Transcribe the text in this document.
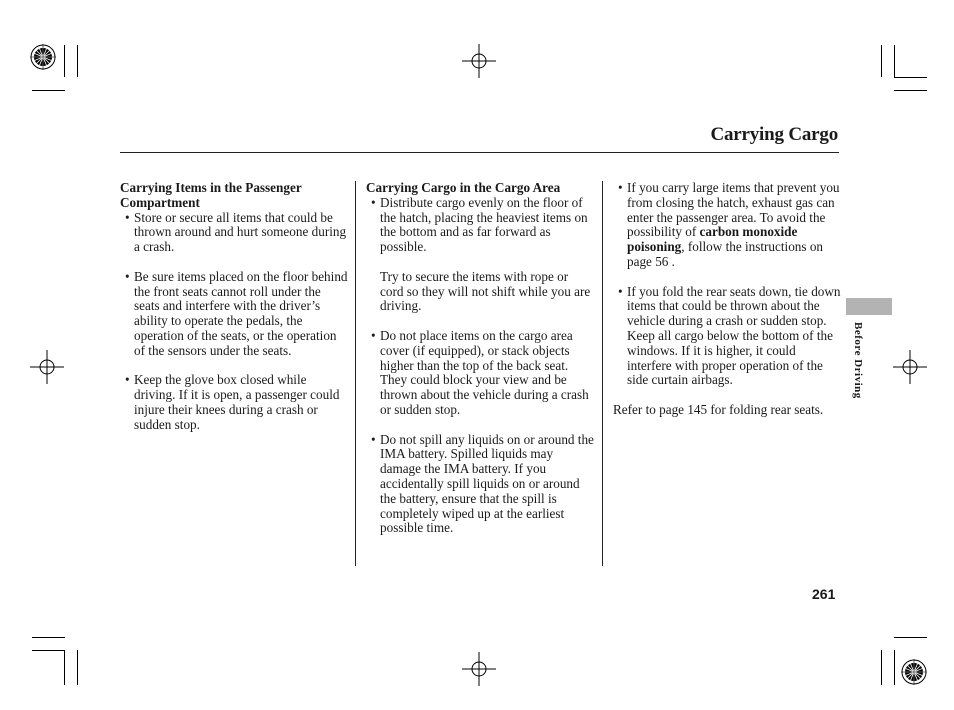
Carrying Cargo
Carrying Items in the Passenger Compartment
• Store or secure all items that could be thrown around and hurt someone during a crash.
• Be sure items placed on the floor behind the front seats cannot roll under the seats and interfere with the driver’s ability to operate the pedals, the operation of the seats, or the operation of the sensors under the seats.
• Keep the glove box closed while driving. If it is open, a passenger could injure their knees during a crash or sudden stop.
Carrying Cargo in the Cargo Area
• Distribute cargo evenly on the floor of the hatch, placing the heaviest items on the bottom and as far forward as possible.
Try to secure the items with rope or cord so they will not shift while you are driving.
• Do not place items on the cargo area cover (if equipped), or stack objects higher than the top of the back seat. They could block your view and be thrown about the vehicle during a crash or sudden stop.
• Do not spill any liquids on or around the IMA battery. Spilled liquids may damage the IMA battery. If you accidentally spill liquids on or around the battery, ensure that the spill is completely wiped up at the earliest possible time.
• If you carry large items that prevent you from closing the hatch, exhaust gas can enter the passenger area. To avoid the possibility of carbon monoxide poisoning, follow the instructions on page 56 .
• If you fold the rear seats down, tie down items that could be thrown about the vehicle during a crash or sudden stop. Keep all cargo below the bottom of the windows. If it is higher, it could interfere with proper operation of the side curtain airbags.
Refer to page 145 for folding rear seats.
Before Driving
261
